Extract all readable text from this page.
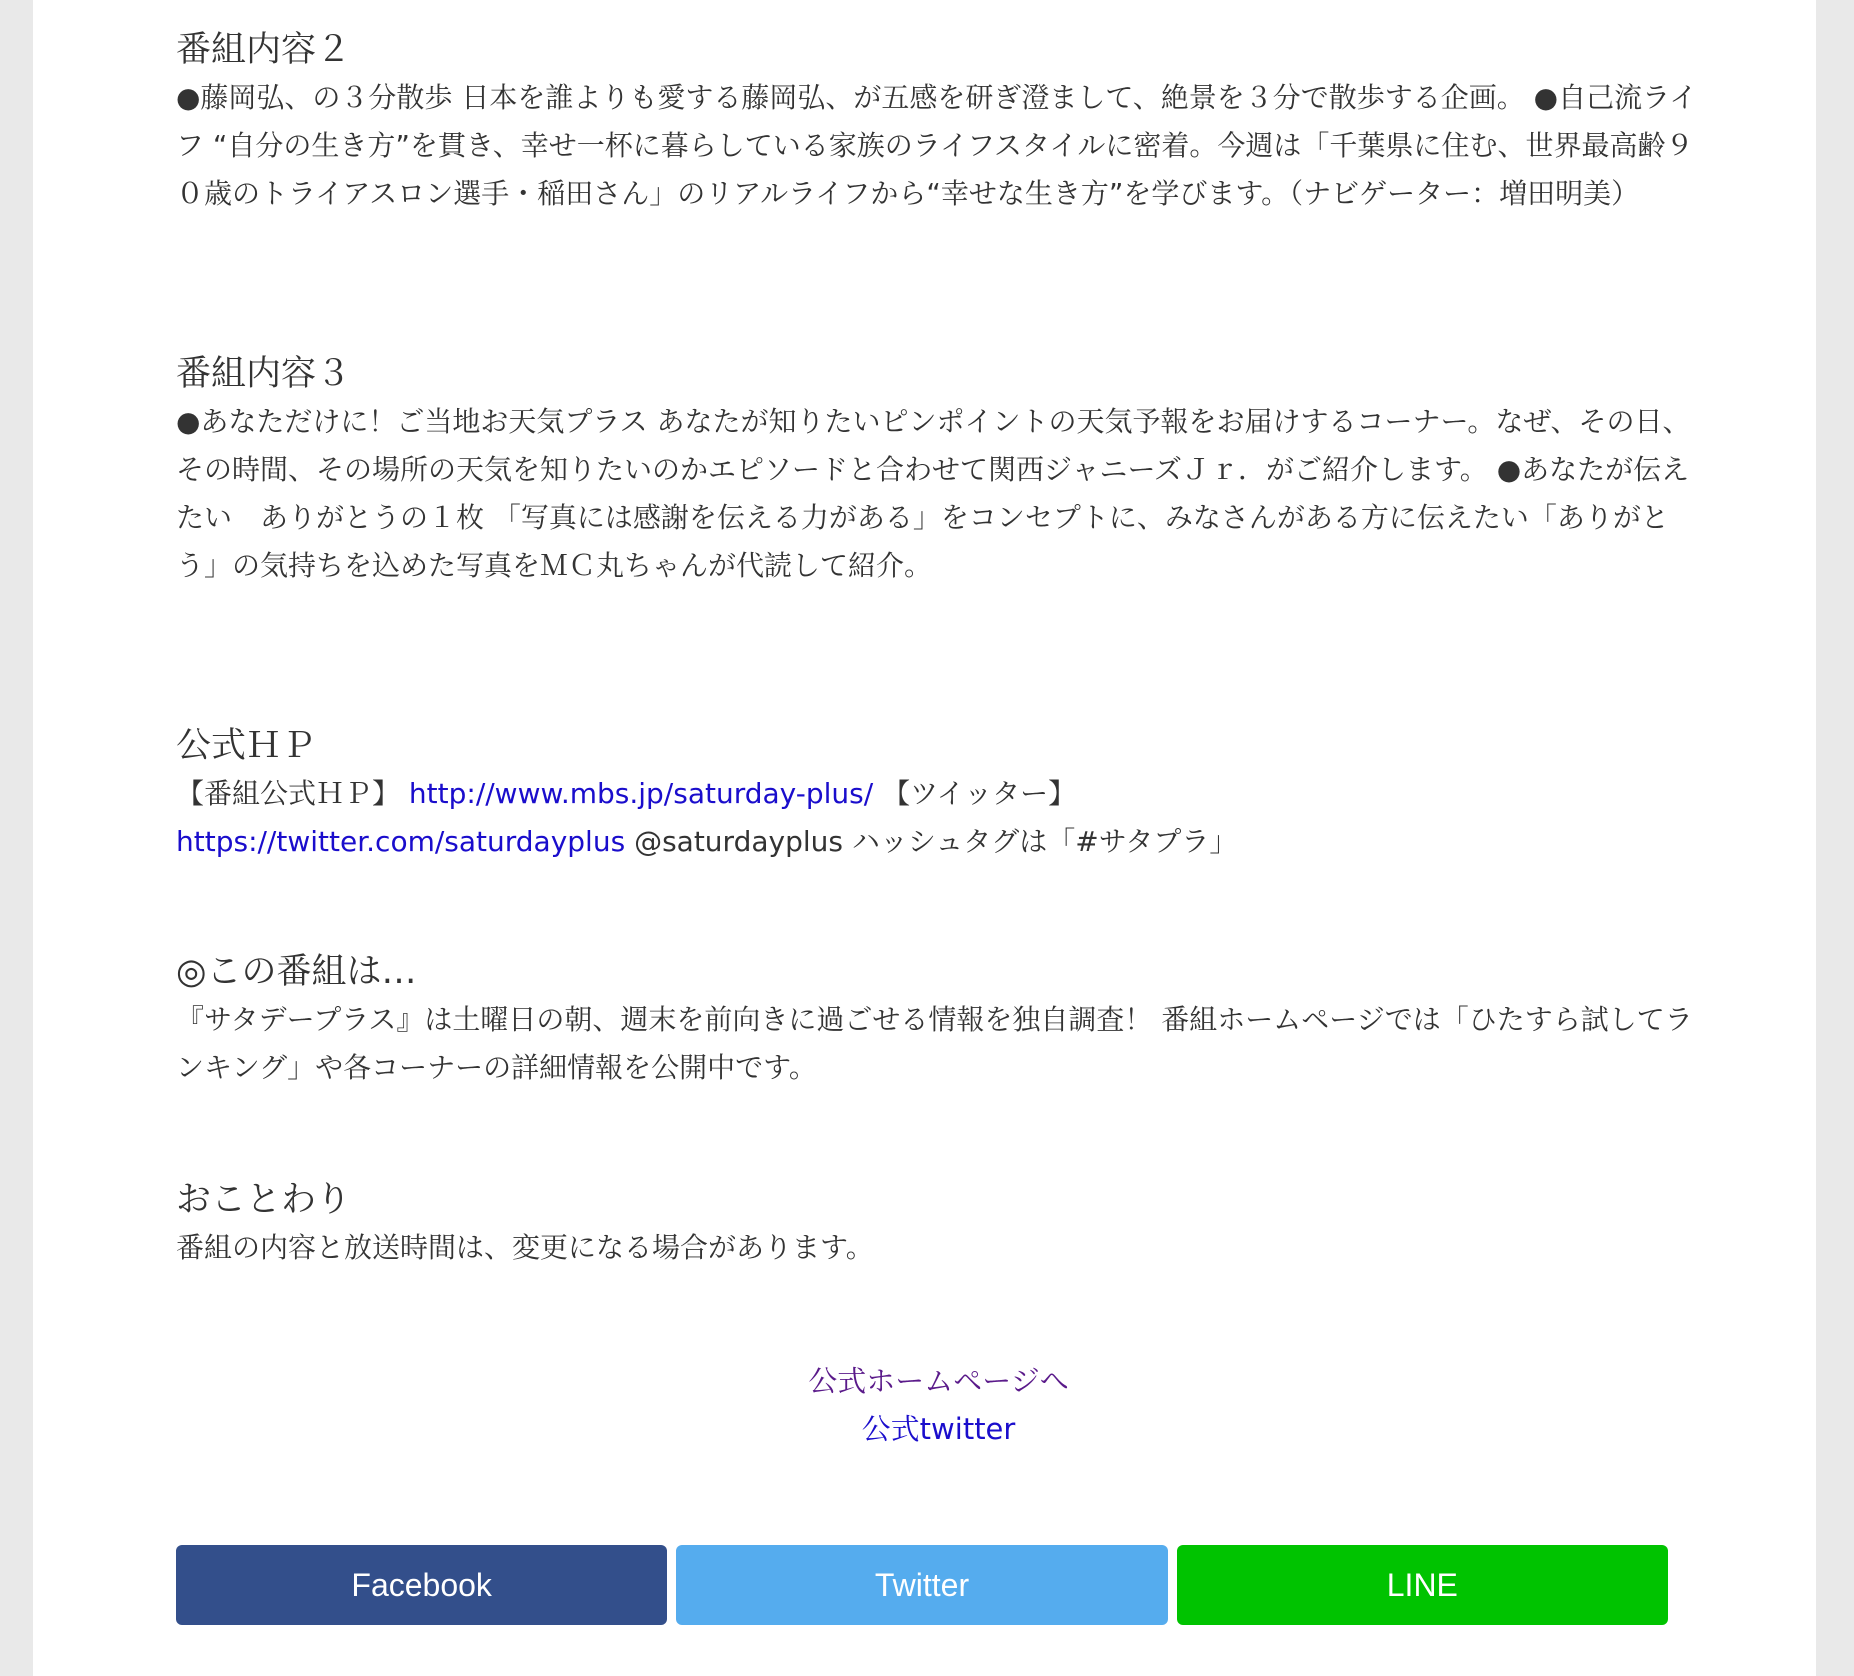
番組内容２

●藤岡弘、の３分散歩 日本を誰よりも愛する藤岡弘、が五感を研ぎ澄まして、絶景を３分で散歩する企画。 ●自己流ライフ “自分の生き方”を貫き、幸せ一杯に暮らしている家族のライフスタイルに密着。今週は「千葉県に住む、世界最高齢９０歳のトライアスロン選手・稲田さん」のリアルライフから“幸せな生き方”を学びます。（ナビゲーター：増田明美）

番組内容３

●あなただけに！ご当地お天気プラス あなたが知りたいピンポイントの天気予報をお届けするコーナー。なぜ、その日、その時間、その場所の天気を知りたいのかエピソードと合わせて関西ジャニーズＪｒ．がご紹介します。 ●あなたが伝えたい　ありがとうの１枚 「写真には感謝を伝える力がある」をコンセプトに、みなさんがある方に伝えたい「ありがとう」の気持ちを込めた写真をＭＣ丸ちゃんが代読して紹介。

公式ＨＰ

【番組公式ＨＰ】 http://www.mbs.jp/saturday-plus/ 【ツイッター】
https://twitter.com/saturdayplus @saturdayplus ハッシュタグは「#サタプラ」

◎この番組は…

『サタデープラス』は土曜日の朝、週末を前向きに過ごせる情報を独自調査！ 番組ホームページでは「ひたすら試してランキング」や各コーナーの詳細情報を公開中です。

おことわり

番組の内容と放送時間は、変更になる場合があります。

公式ホームページへ
公式twitter
Facebook	Twitter	LINE
